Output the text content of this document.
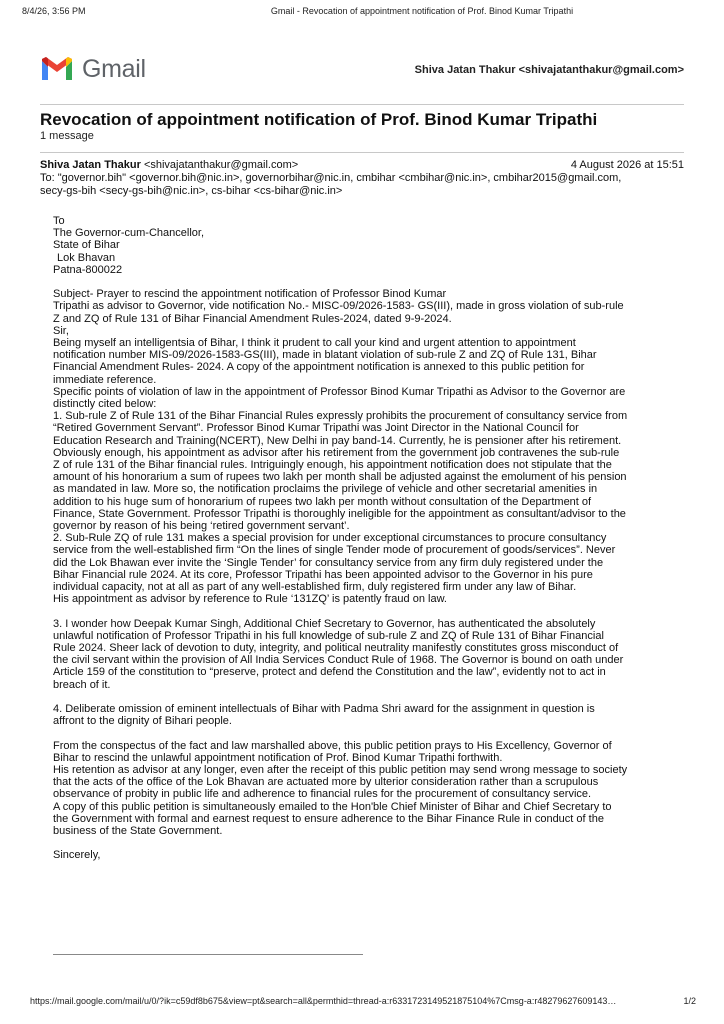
8/4/26, 3:56 PM	Gmail - Revocation of appointment notification of Prof. Binod Kumar Tripathi
Gmail	Shiva Jatan Thakur <shivajatanthakur@gmail.com>
Revocation of appointment notification of Prof. Binod Kumar Tripathi
1 message
Shiva Jatan Thakur <shivajatanthakur@gmail.com>	4 August 2026 at 15:51
To: "governor.bih" <governor.bih@nic.in>, governorbihar@nic.in, cmbihar <cmbihar@nic.in>, cmbihar2015@gmail.com,
secy-gs-bih <secy-gs-bih@nic.in>, cs-bihar <cs-bihar@nic.in>

To

The Governor-cum-Chancellor,

State of Bihar

Lok Bhavan

Patna-800022

Subject- Prayer to rescind the appointment notification of Professor Binod Kumar

Tripathi as advisor to Governor, vide notification No.- MISC-09/2026-1583- GS(III), made in gross violation of sub-rule

Z and ZQ of Rule 131 of Bihar Financial Amendment Rules-2024, dated 9-9-2024.

Sir,

Being myself an intelligentsia of Bihar, I think it prudent to call your kind and urgent attention to appointment

notification number MIS-09/2026-1583-GS(III), made in blatant violation of sub-rule Z and ZQ of Rule 131, Bihar

Financial Amendment Rules- 2024. A copy of the appointment notification is annexed to this public petition for

immediate reference.

Specific points of violation of law in the appointment of Professor Binod Kumar Tripathi as Advisor to the Governor are

distinctly cited below:

1. Sub-rule Z of Rule 131 of the Bihar Financial Rules expressly prohibits the procurement of consultancy service from

“Retired Government Servant”. Professor Binod Kumar Tripathi was Joint Director in the National Council for

Education Research and Training(NCERT), New Delhi in pay band-14. Currently, he is pensioner after his retirement.

Obviously enough, his appointment as advisor after his retirement from the government job contravenes the sub-rule

Z of rule 131 of the Bihar financial rules. Intriguingly enough, his appointment notification does not stipulate that the

amount of his honorarium a sum of rupees two lakh per month shall be adjusted against the emolument of his pension

as mandated in law. More so, the notification proclaims the privilege of vehicle and other secretarial amenities in

addition to his huge sum of honorarium of rupees two lakh per month without consultation of the Department of

Finance, State Government. Professor Tripathi is thoroughly ineligible for the appointment as consultant/advisor to the

governor by reason of his being ‘retired government servant’.

2. Sub-Rule ZQ of rule 131 makes a special provision for under exceptional circumstances to procure consultancy

service from the well-established firm “On the lines of single Tender mode of procurement of goods/services”. Never

did the Lok Bhawan ever invite the ‘Single Tender’ for consultancy service from any firm duly registered under the

Bihar Financial rule 2024. At its core, Professor Tripathi has been appointed advisor to the Governor in his pure

individual capacity, not at all as part of any well-established firm, duly registered firm under any law of Bihar.

His appointment as advisor by reference to Rule ‘131ZQ’ is patently fraud on law.

3. I wonder how Deepak Kumar Singh, Additional Chief Secretary to Governor, has authenticated the absolutely

unlawful notification of Professor Tripathi in his full knowledge of sub-rule Z and ZQ of Rule 131 of Bihar Financial

Rule 2024. Sheer lack of devotion to duty, integrity, and political neutrality manifestly constitutes gross misconduct of

the civil servant within the provision of All India Services Conduct Rule of 1968. The Governor is bound on oath under

Article 159 of the constitution to “preserve, protect and defend the Constitution and the law”, evidently not to act in

breach of it.

4. Deliberate omission of eminent intellectuals of Bihar with Padma Shri award for the assignment in question is

affront to the dignity of Bihari people.

From the conspectus of the fact and law marshalled above, this public petition prays to His Excellency, Governor of

Bihar to rescind the unlawful appointment notification of Prof. Binod Kumar Tripathi forthwith.

His retention as advisor at any longer, even after the receipt of this public petition may send wrong message to society

that the acts of the office of the Lok Bhavan are actuated more by ulterior consideration rather than a scrupulous

observance of probity in public life and adherence to financial rules for the procurement of consultancy service.

A copy of this public petition is simultaneously emailed to the Hon'ble Chief Minister of Bihar and Chief Secretary to

the Government with formal and earnest request to ensure adherence to the Bihar Finance Rule in conduct of the

business of the State Government.

Sincerely,

https://mail.google.com/mail/u/0/?ik=c59df8b675&view=pt&search=all&permthid=thread-a:r6331723149521875104%7Cmsg-a:r48279627609143…	1/2
